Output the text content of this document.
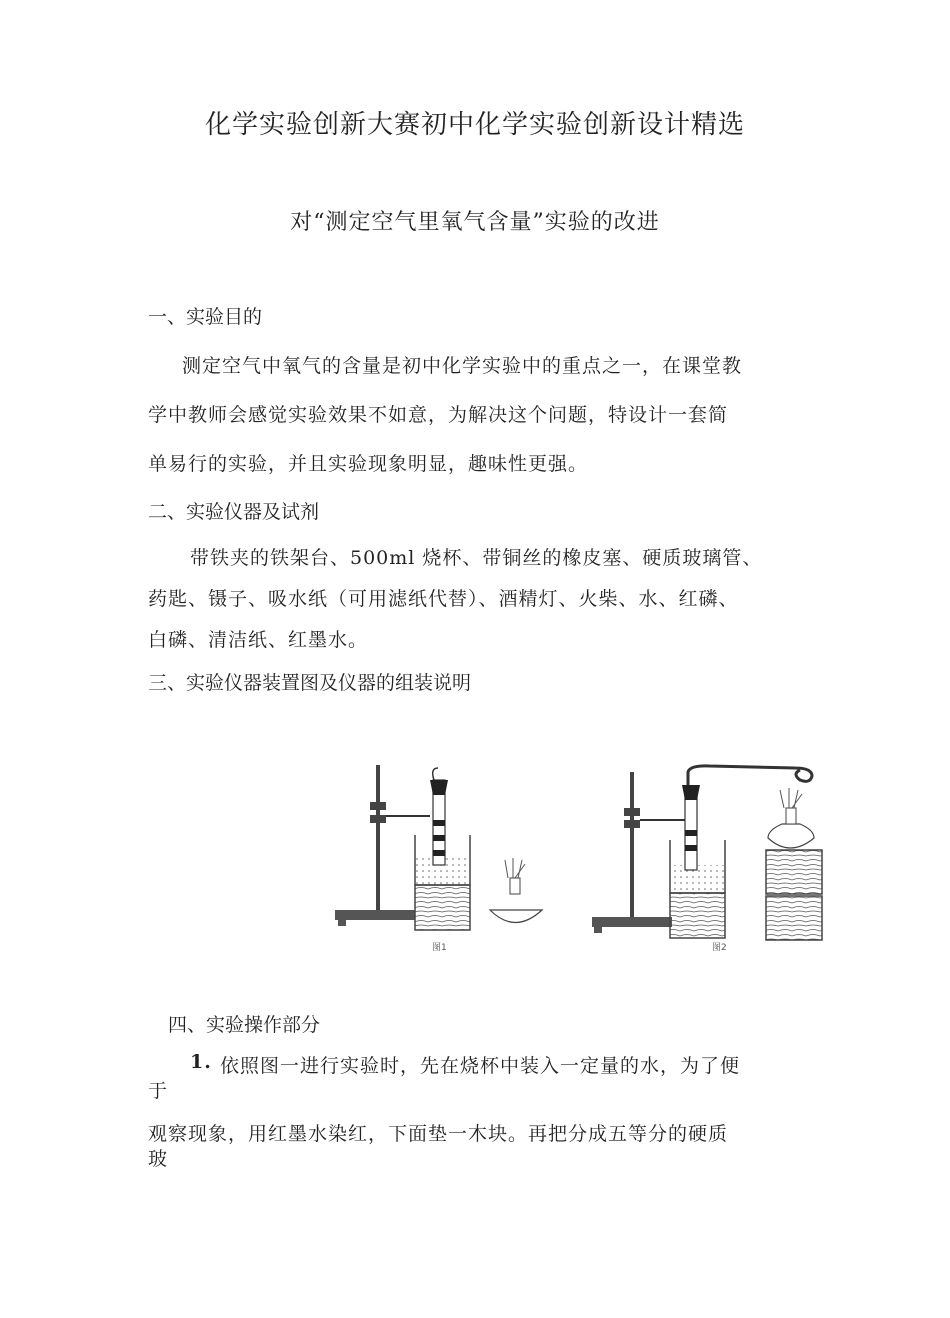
化学实验创新大赛初中化学实验创新设计精选
对“测定空气里氧气含量”实验的改进
一、实验目的
测定空气中氧气的含量是初中化学实验中的重点之一，在课堂教
学中教师会感觉实验效果不如意，为解决这个问题，特设计一套简
单易行的实验，并且实验现象明显，趣味性更强。
二、实验仪器及试剂
带铁夹的铁架台、500ml 烧杯、带铜丝的橡皮塞、硬质玻璃管、
药匙、镊子、吸水纸（可用滤纸代替）、酒精灯、火柴、水、红磷、
白磷、清洁纸、红墨水。
三、实验仪器装置图及仪器的组装说明
图1	图2
四、实验操作部分
1. 依照图一进行实验时，先在烧杯中装入一定量的水，为了便
于
观察现象，用红墨水染红，下面垫一木块。再把分成五等分的硬质
玻
